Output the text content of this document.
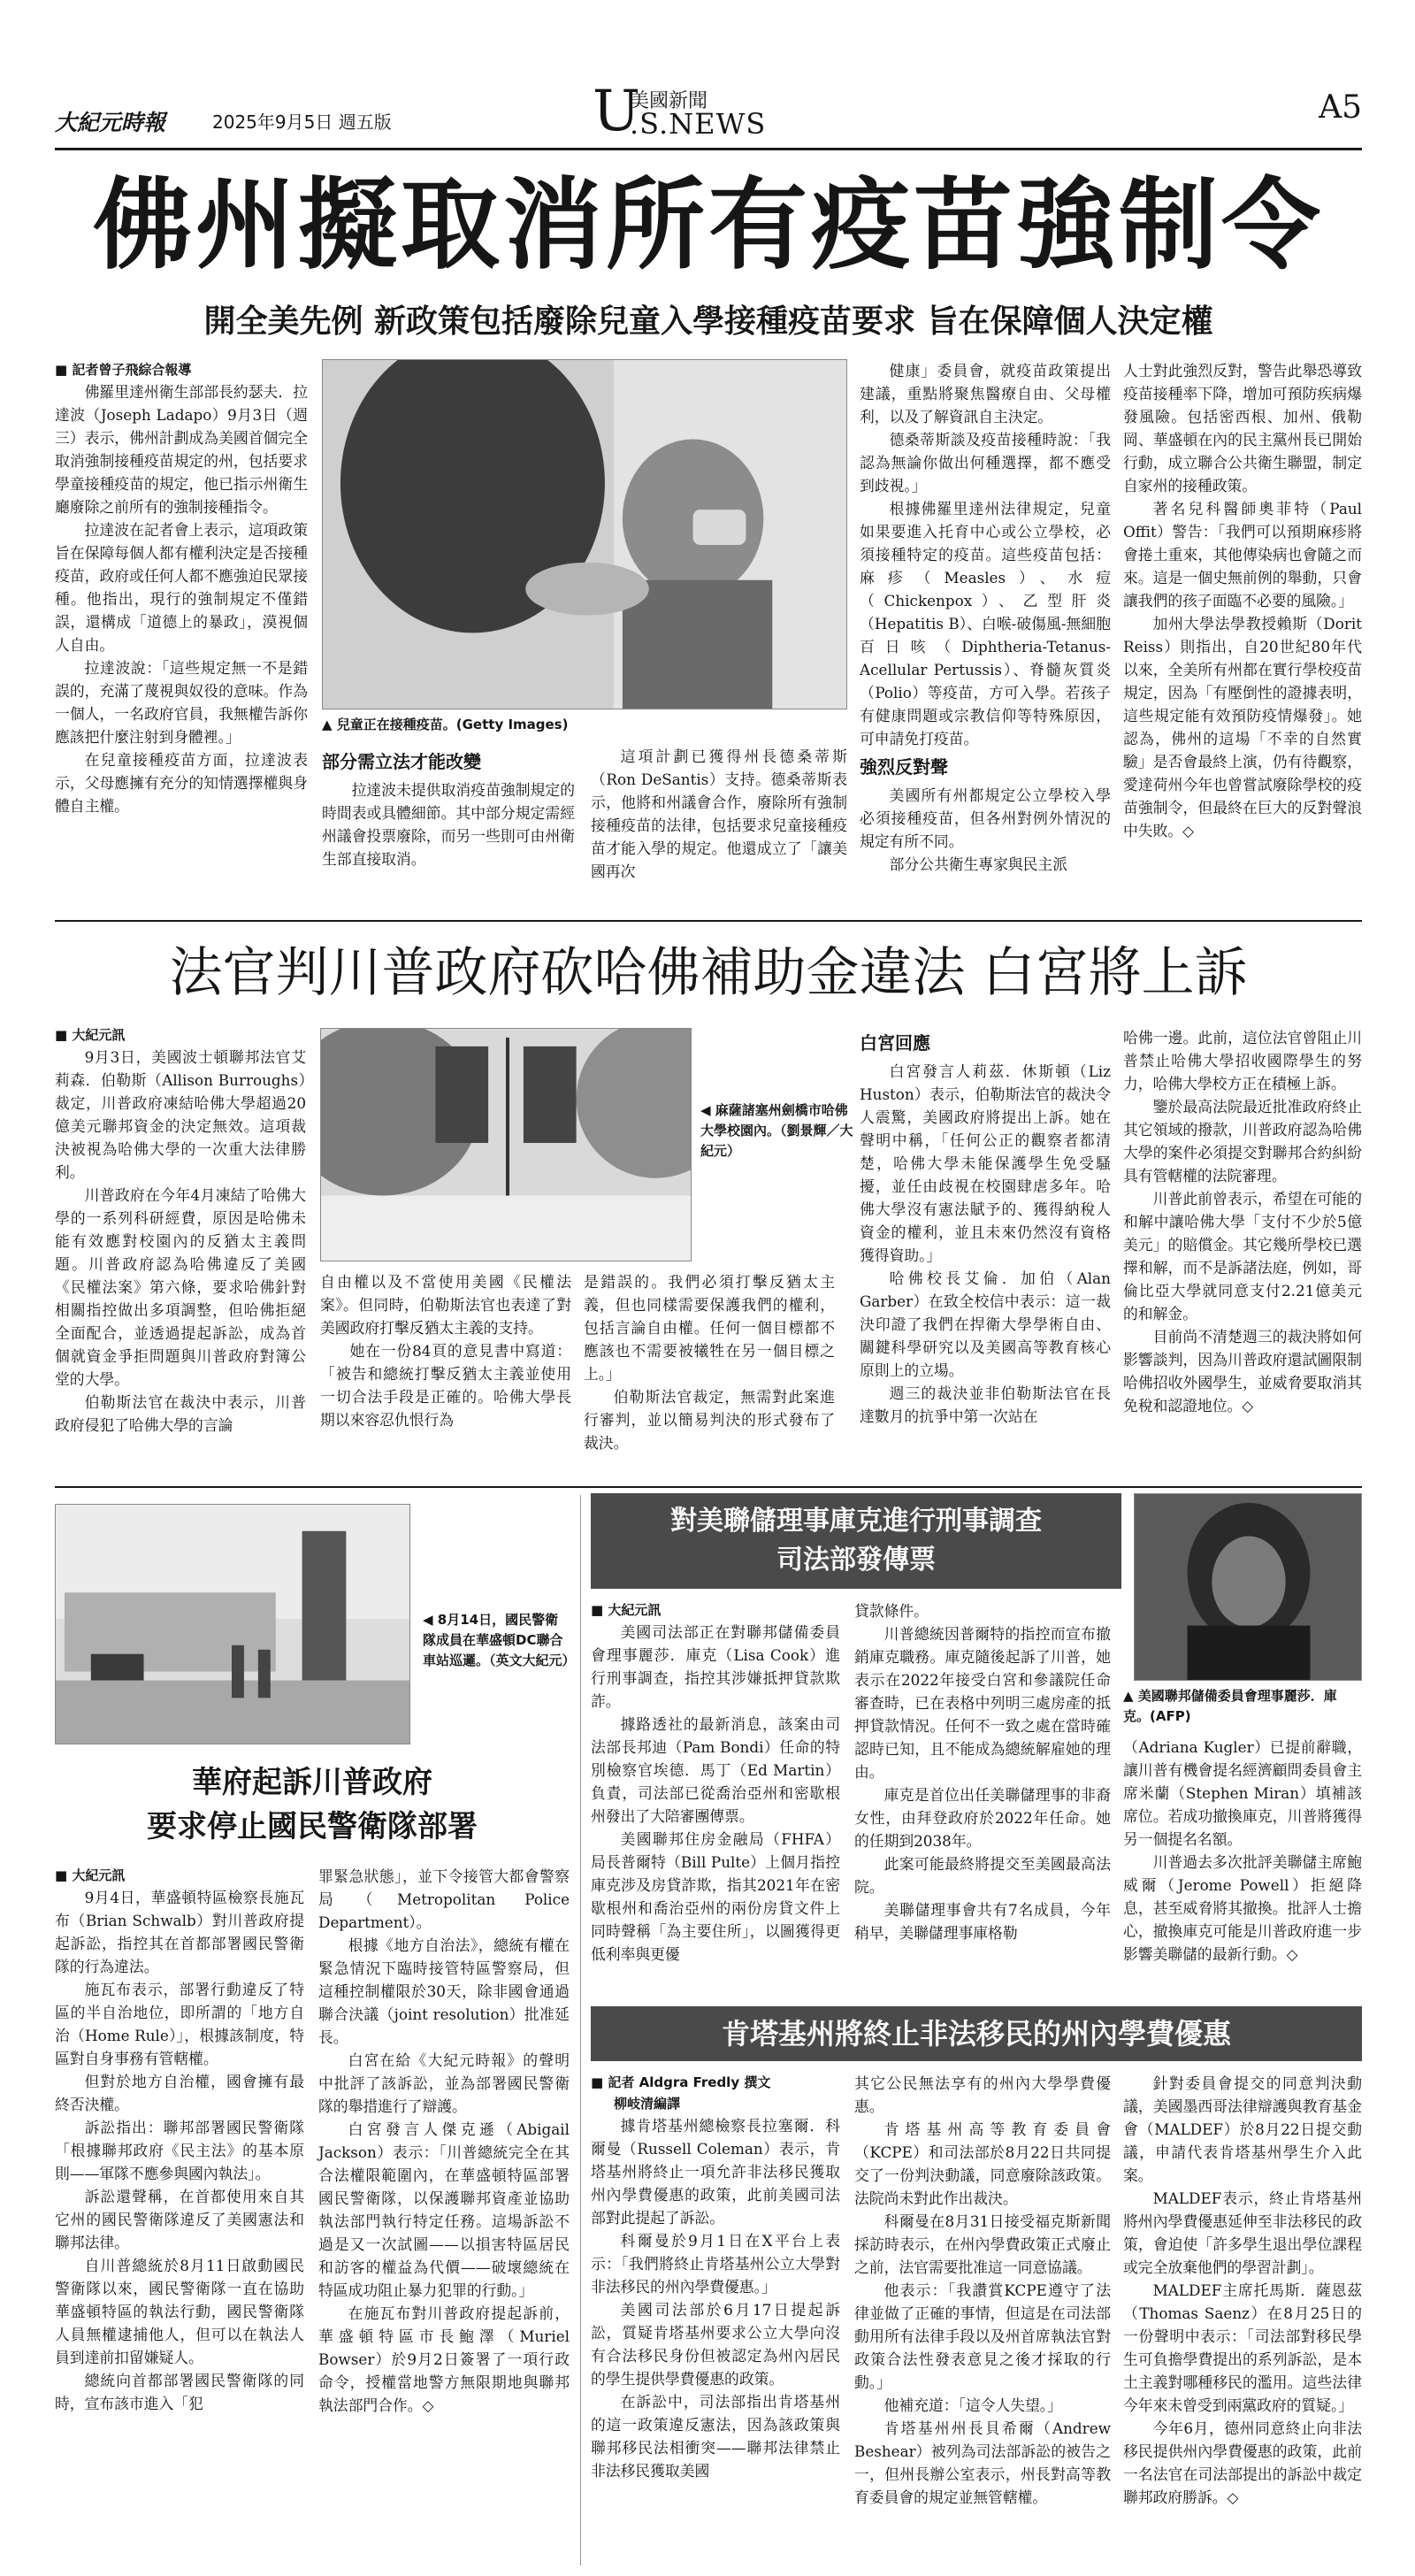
大紀元時報	2025年9月5日 週五版	U
美國新聞
.S.NEWS	A5
佛州擬取消所有疫苗強制令
開全美先例 新政策包括廢除兒童入學接種疫苗要求 旨在保障個人決定權
■ 記者曾子飛綜合報導

佛羅里達州衛生部部長約瑟夫．拉達波（Joseph Ladapo）9月3日（週三）表示，佛州計劃成為美國首個完全取消強制接種疫苗規定的州，包括要求學童接種疫苗的規定，他已指示州衛生廳廢除之前所有的強制接種指令。

拉達波在記者會上表示，這項政策旨在保障每個人都有權利決定是否接種疫苗，政府或任何人都不應強迫民眾接種。他指出，現行的強制規定不僅錯誤，還構成「道德上的暴政」，漠視個人自由。

拉達波說：「這些規定無一不是錯誤的，充滿了蔑視與奴役的意味。作為一個人，一名政府官員，我無權告訴你應該把什麼注射到身體裡。」

在兒童接種疫苗方面，拉達波表示，父母應擁有充分的知情選擇權與身體自主權。

▲ 兒童正在接種疫苗。(Getty Images)
部分需立法才能改變

拉達波未提供取消疫苗強制規定的時間表或具體細節。其中部分規定需經州議會投票廢除，而另一些則可由州衛生部直接取消。

這項計劃已獲得州長德桑蒂斯（Ron DeSantis）支持。德桑蒂斯表示，他將和州議會合作，廢除所有強制接種疫苗的法律，包括要求兒童接種疫苗才能入學的規定。他還成立了「讓美國再次

健康」委員會，就疫苗政策提出建議，重點將聚焦醫療自由、父母權利，以及了解資訊自主決定。

德桑蒂斯談及疫苗接種時說：「我認為無論你做出何種選擇，都不應受到歧視。」

根據佛羅里達州法律規定，兒童如果要進入托育中心或公立學校，必須接種特定的疫苗。這些疫苗包括：麻疹（Measles）、水痘（Chickenpox）、乙型肝炎（Hepatitis B）、白喉-破傷風-無細胞百日咳（Diphtheria-Tetanus-Acellular Pertussis）、脊髓灰質炎（Polio）等疫苗，方可入學。若孩子有健康問題或宗教信仰等特殊原因，可申請免打疫苗。

強烈反對聲

美國所有州都規定公立學校入學必須接種疫苗，但各州對例外情況的規定有所不同。

部分公共衛生專家與民主派

人士對此強烈反對，警告此舉恐導致疫苗接種率下降，增加可預防疾病爆發風險。包括密西根、加州、俄勒岡、華盛頓在內的民主黨州長已開始行動，成立聯合公共衛生聯盟，制定自家州的接種政策。

著名兒科醫師奧菲特（Paul Offit）警告：「我們可以預期麻疹將會捲土重來，其他傳染病也會隨之而來。這是一個史無前例的舉動，只會讓我們的孩子面臨不必要的風險。」

加州大學法學教授賴斯（Dorit Reiss）則指出，自20世紀80年代以來，全美所有州都在實行學校疫苗規定，因為「有壓倒性的證據表明，這些規定能有效預防疫情爆發」。她認為，佛州的這場「不幸的自然實驗」是否會最終上演，仍有待觀察，愛達荷州今年也曾嘗試廢除學校的疫苗強制令，但最終在巨大的反對聲浪中失敗。◇

法官判川普政府砍哈佛補助金違法 白宮將上訴
■ 大紀元訊

9月3日，美國波士頓聯邦法官艾莉森．伯勒斯（Allison Burroughs）裁定，川普政府凍結哈佛大學超過20億美元聯邦資金的決定無效。這項裁決被視為哈佛大學的一次重大法律勝利。

川普政府在今年4月凍結了哈佛大學的一系列科研經費，原因是哈佛未能有效應對校園內的反猶太主義問題。川普政府認為哈佛違反了美國《民權法案》第六條，要求哈佛針對相關指控做出多項調整，但哈佛拒絕全面配合，並透過提起訴訟，成為首個就資金爭拒問題與川普政府對簿公堂的大學。

伯勒斯法官在裁決中表示，川普政府侵犯了哈佛大學的言論

◀ 麻薩諸塞州劍橋市哈佛大學校園內。（劉景輝／大紀元）

自由權以及不當使用美國《民權法案》。但同時，伯勒斯法官也表達了對美國政府打擊反猶太主義的支持。

她在一份84頁的意見書中寫道：「被告和總統打擊反猶太主義並使用一切合法手段是正確的。哈佛大學長期以來容忍仇恨行為

是錯誤的。我們必須打擊反猶太主義，但也同樣需要保護我們的權利，包括言論自由權。任何一個目標都不應該也不需要被犧牲在另一個目標之上。」

伯勒斯法官裁定，無需對此案進行審判，並以簡易判決的形式發布了裁決。

白宮回應

白宮發言人莉茲．休斯頓（Liz Huston）表示，伯勒斯法官的裁決令人震驚，美國政府將提出上訴。她在聲明中稱，「任何公正的觀察者都清楚，哈佛大學未能保護學生免受騷擾，並任由歧視在校園肆虐多年。哈佛大學沒有憲法賦予的、獲得納稅人資金的權利，並且未來仍然沒有資格獲得資助。」

哈佛校長艾倫．加伯（Alan Garber）在致全校信中表示：這一裁決印證了我們在捍衛大學學術自由、關鍵科學研究以及美國高等教育核心原則上的立場。

週三的裁決並非伯勒斯法官在長達數月的抗爭中第一次站在

哈佛一邊。此前，這位法官曾阻止川普禁止哈佛大學招收國際學生的努力，哈佛大學校方正在積極上訴。

鑒於最高法院最近批准政府終止其它領域的撥款，川普政府認為哈佛大學的案件必須提交對聯邦合約糾紛具有管轄權的法院審理。

川普此前曾表示，希望在可能的和解中讓哈佛大學「支付不少於5億美元」的賠償金。其它幾所學校已選擇和解，而不是訴諸法庭，例如，哥倫比亞大學就同意支付2.21億美元的和解金。

目前尚不清楚週三的裁決將如何影響談判，因為川普政府還試圖限制哈佛招收外國學生，並威脅要取消其免稅和認證地位。◇

◀ 8月14日，國民警衛隊成員在華盛頓DC聯合車站巡邏。（英文大紀元）
華府起訴川普政府
要求停止國民警衛隊部署
■ 大紀元訊

9月4日，華盛頓特區檢察長施瓦布（Brian Schwalb）對川普政府提起訴訟，指控其在首都部署國民警衛隊的行為違法。

施瓦布表示，部署行動違反了特區的半自治地位，即所謂的「地方自治（Home Rule）」，根據該制度，特區對自身事務有管轄權。

但對於地方自治權，國會擁有最終否決權。

訴訟指出：聯邦部署國民警衛隊「根據聯邦政府《民主法》的基本原則——軍隊不應參與國內執法」。

訴訟還聲稱，在首都使用來自其它州的國民警衛隊違反了美國憲法和聯邦法律。

自川普總統於8月11日啟動國民警衛隊以來，國民警衛隊一直在協助華盛頓特區的執法行動，國民警衛隊人員無權逮捕他人，但可以在執法人員到達前扣留嫌疑人。

總統向首都部署國民警衛隊的同時，宣布該市進入「犯

罪緊急狀態」，並下令接管大都會警察局（Metropolitan Police Department）。

根據《地方自治法》，總統有權在緊急情況下臨時接管特區警察局，但這種控制權限於30天，除非國會通過聯合決議（joint resolution）批准延長。

白宮在給《大紀元時報》的聲明中批評了該訴訟，並為部署國民警衛隊的舉措進行了辯護。

白宮發言人傑克遜（Abigail Jackson）表示：「川普總統完全在其合法權限範圍內，在華盛頓特區部署國民警衛隊，以保護聯邦資產並協助執法部門執行特定任務。這場訴訟不過是又一次試圖——以損害特區居民和訪客的權益為代價——破壞總統在特區成功阻止暴力犯罪的行動。」

在施瓦布對川普政府提起訴前，華盛頓特區市長鮑澤（Muriel Bowser）於9月2日簽署了一項行政命令，授權當地警方無限期地與聯邦執法部門合作。◇

對美聯儲理事庫克進行刑事調查
司法部發傳票
▲ 美國聯邦儲備委員會理事麗莎．庫克。(AFP)
■ 大紀元訊

美國司法部正在對聯邦儲備委員會理事麗莎．庫克（Lisa Cook）進行刑事調查，指控其涉嫌抵押貸款欺詐。

據路透社的最新消息，該案由司法部長邦迪（Pam Bondi）任命的特別檢察官埃德．馬丁（Ed Martin）負責，司法部已從喬治亞州和密歇根州發出了大陪審團傳票。

美國聯邦住房金融局（FHFA）局長普爾特（Bill Pulte）上個月指控庫克涉及房貸詐欺，指其2021年在密歇根州和喬治亞州的兩份房貸文件上同時聲稱「為主要住所」，以圖獲得更低利率與更優

貸款條件。

川普總統因普爾特的指控而宣布撤銷庫克職務。庫克隨後起訴了川普，她表示在2022年接受白宮和參議院任命審查時，已在表格中列明三處房產的抵押貸款情況。任何不一致之處在當時確認時已知，且不能成為總統解雇她的理由。

庫克是首位出任美聯儲理事的非裔女性，由拜登政府於2022年任命。她的任期到2038年。

此案可能最終將提交至美國最高法院。

美聯儲理事會共有7名成員，今年稍早，美聯儲理事庫格勒

（Adriana Kugler）已提前辭職，讓川普有機會提名經濟顧問委員會主席米蘭（Stephen Miran）填補該席位。若成功撤換庫克，川普將獲得另一個提名名額。

川普過去多次批評美聯儲主席鮑威爾（Jerome Powell）拒絕降息，甚至威脅將其撤換。批評人士擔心，撤換庫克可能是川普政府進一步影響美聯儲的最新行動。◇

肯塔基州將終止非法移民的州內學費優惠
■ 記者 Aldgra Fredly 撰文
柳岐清編譯

據肯塔基州總檢察長拉塞爾．科爾曼（Russell Coleman）表示，肯塔基州將終止一項允許非法移民獲取州內學費優惠的政策，此前美國司法部對此提起了訴訟。

科爾曼於9月1日在X平台上表示：「我們將終止肯塔基州公立大學對非法移民的州內學費優惠。」

美國司法部於6月17日提起訴訟，質疑肯塔基州要求公立大學向沒有合法移民身份但被認定為州內居民的學生提供學費優惠的政策。

在訴訟中，司法部指出肯塔基州的這一政策違反憲法，因為該政策與聯邦移民法相衝突——聯邦法律禁止非法移民獲取美國

其它公民無法享有的州內大學學費優惠。

肯塔基州高等教育委員會（KCPE）和司法部於8月22日共同提交了一份判決動議，同意廢除該政策。法院尚未對此作出裁決。

科爾曼在8月31日接受福克斯新聞採訪時表示，在州內學費政策正式廢止之前，法官需要批准這一同意協議。

他表示：「我讚賞KCPE遵守了法律並做了正確的事情，但這是在司法部動用所有法律手段以及州首席執法官對政策合法性發表意見之後才採取的行動。」

他補充道：「這令人失望。」

肯塔基州州長貝希爾（Andrew Beshear）被列為司法部訴訟的被告之一，但州長辦公室表示，州長對高等教育委員會的規定並無管轄權。

針對委員會提交的同意判決動議，美國墨西哥法律辯護與教育基金會（MALDEF）於8月22日提交動議，申請代表肯塔基州學生介入此案。

MALDEF表示，終止肯塔基州將州內學費優惠延伸至非法移民的政策，會迫使「許多學生退出學位課程或完全放棄他們的學習計劃」。

MALDEF主席托馬斯．薩恩茲（Thomas Saenz）在8月25日的一份聲明中表示：「司法部對移民學生可負擔學費提出的系列訴訟，是本土主義對哪種移民的濫用。這些法律今年來未曾受到兩黨政府的質疑。」

今年6月，德州同意終止向非法移民提供州內學費優惠的政策，此前一名法官在司法部提出的訴訟中裁定聯邦政府勝訴。◇
